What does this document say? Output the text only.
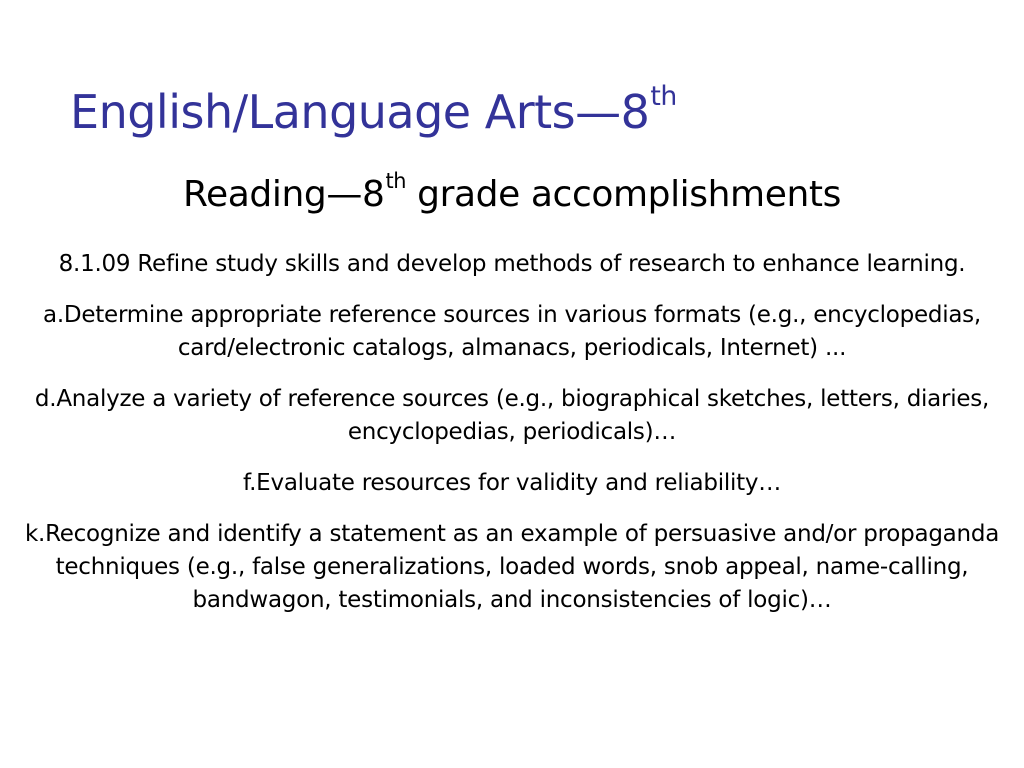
English/Language Arts—8th
Reading—8th grade accomplishments

8.1.09 Refine study skills and develop methods of research to enhance learning.

a.Determine appropriate reference sources in various formats (e.g., encyclopedias, card/electronic catalogs, almanacs, periodicals, Internet) ...

d.Analyze a variety of reference sources (e.g., biographical sketches, letters, diaries, encyclopedias, periodicals)…

f.Evaluate resources for validity and reliability…

k.Recognize and identify a statement as an example of persuasive and/or propaganda techniques (e.g., false generalizations, loaded words, snob appeal, name-calling, bandwagon, testimonials, and inconsistencies of logic)…
